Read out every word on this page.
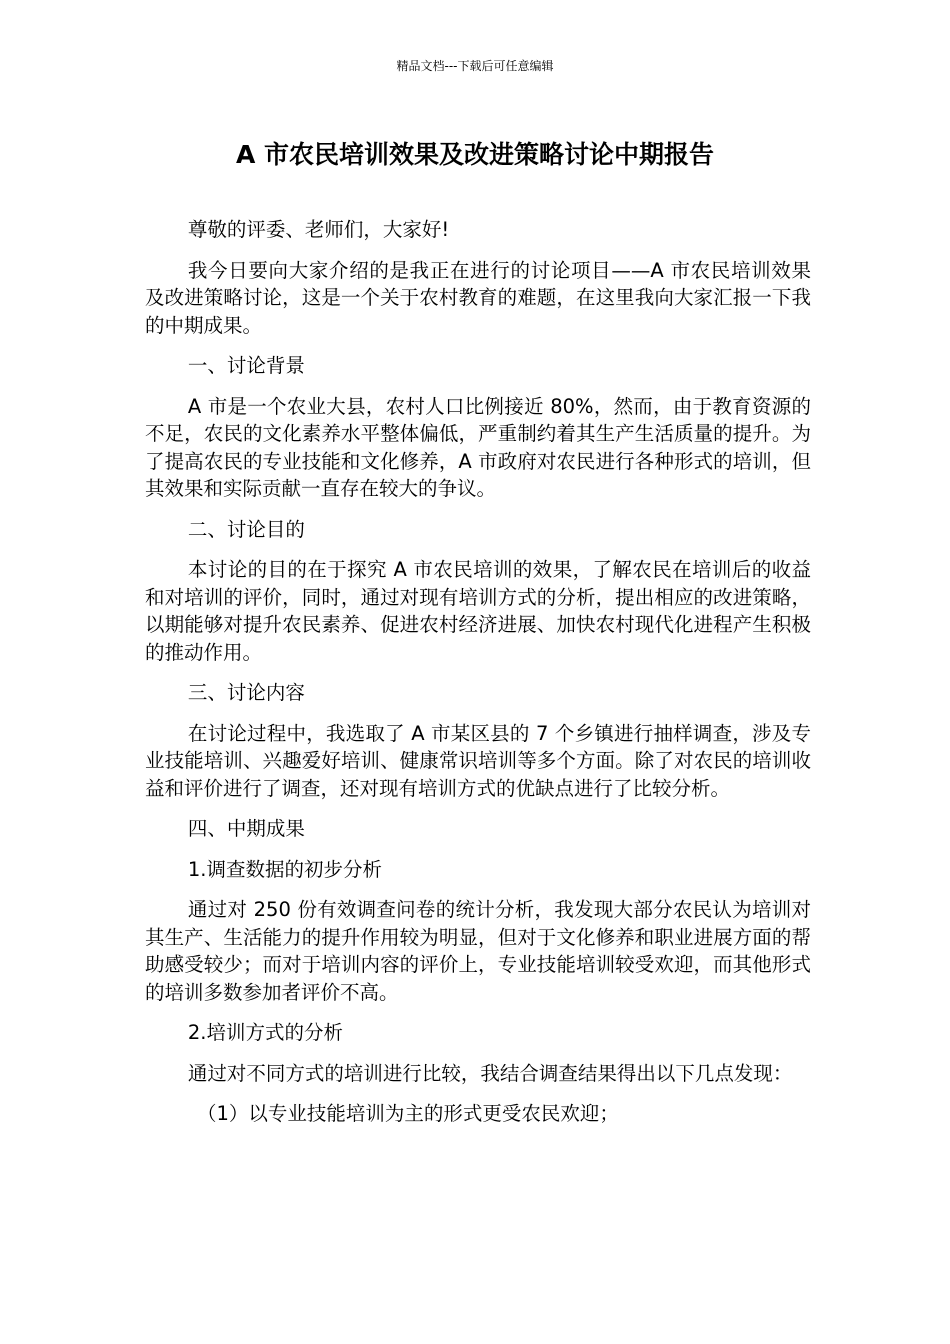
精品文档---下载后可任意编辑
A 市农民培训效果及改进策略讨论中期报告

尊敬的评委、老师们，大家好!

我今日要向大家介绍的是我正在进行的讨论项目——A 市农民培训效果及改进策略讨论，这是一个关于农村教育的难题，在这里我向大家汇报一下我的中期成果。

一、讨论背景

A 市是一个农业大县，农村人口比例接近 80%，然而，由于教育资源的不足，农民的文化素养水平整体偏低，严重制约着其生产生活质量的提升。为了提高农民的专业技能和文化修养，A 市政府对农民进行各种形式的培训，但其效果和实际贡献一直存在较大的争议。

二、讨论目的

本讨论的目的在于探究 A 市农民培训的效果，了解农民在培训后的收益和对培训的评价，同时，通过对现有培训方式的分析，提出相应的改进策略，以期能够对提升农民素养、促进农村经济进展、加快农村现代化进程产生积极的推动作用。

三、讨论内容

在讨论过程中，我选取了 A 市某区县的 7 个乡镇进行抽样调查，涉及专业技能培训、兴趣爱好培训、健康常识培训等多个方面。除了对农民的培训收益和评价进行了调查，还对现有培训方式的优缺点进行了比较分析。

四、中期成果

1.调查数据的初步分析

通过对 250 份有效调查问卷的统计分析，我发现大部分农民认为培训对其生产、生活能力的提升作用较为明显，但对于文化修养和职业进展方面的帮助感受较少；而对于培训内容的评价上，专业技能培训较受欢迎，而其他形式的培训多数参加者评价不高。

2.培训方式的分析

通过对不同方式的培训进行比较，我结合调查结果得出以下几点发现：

（1）以专业技能培训为主的形式更受农民欢迎；
